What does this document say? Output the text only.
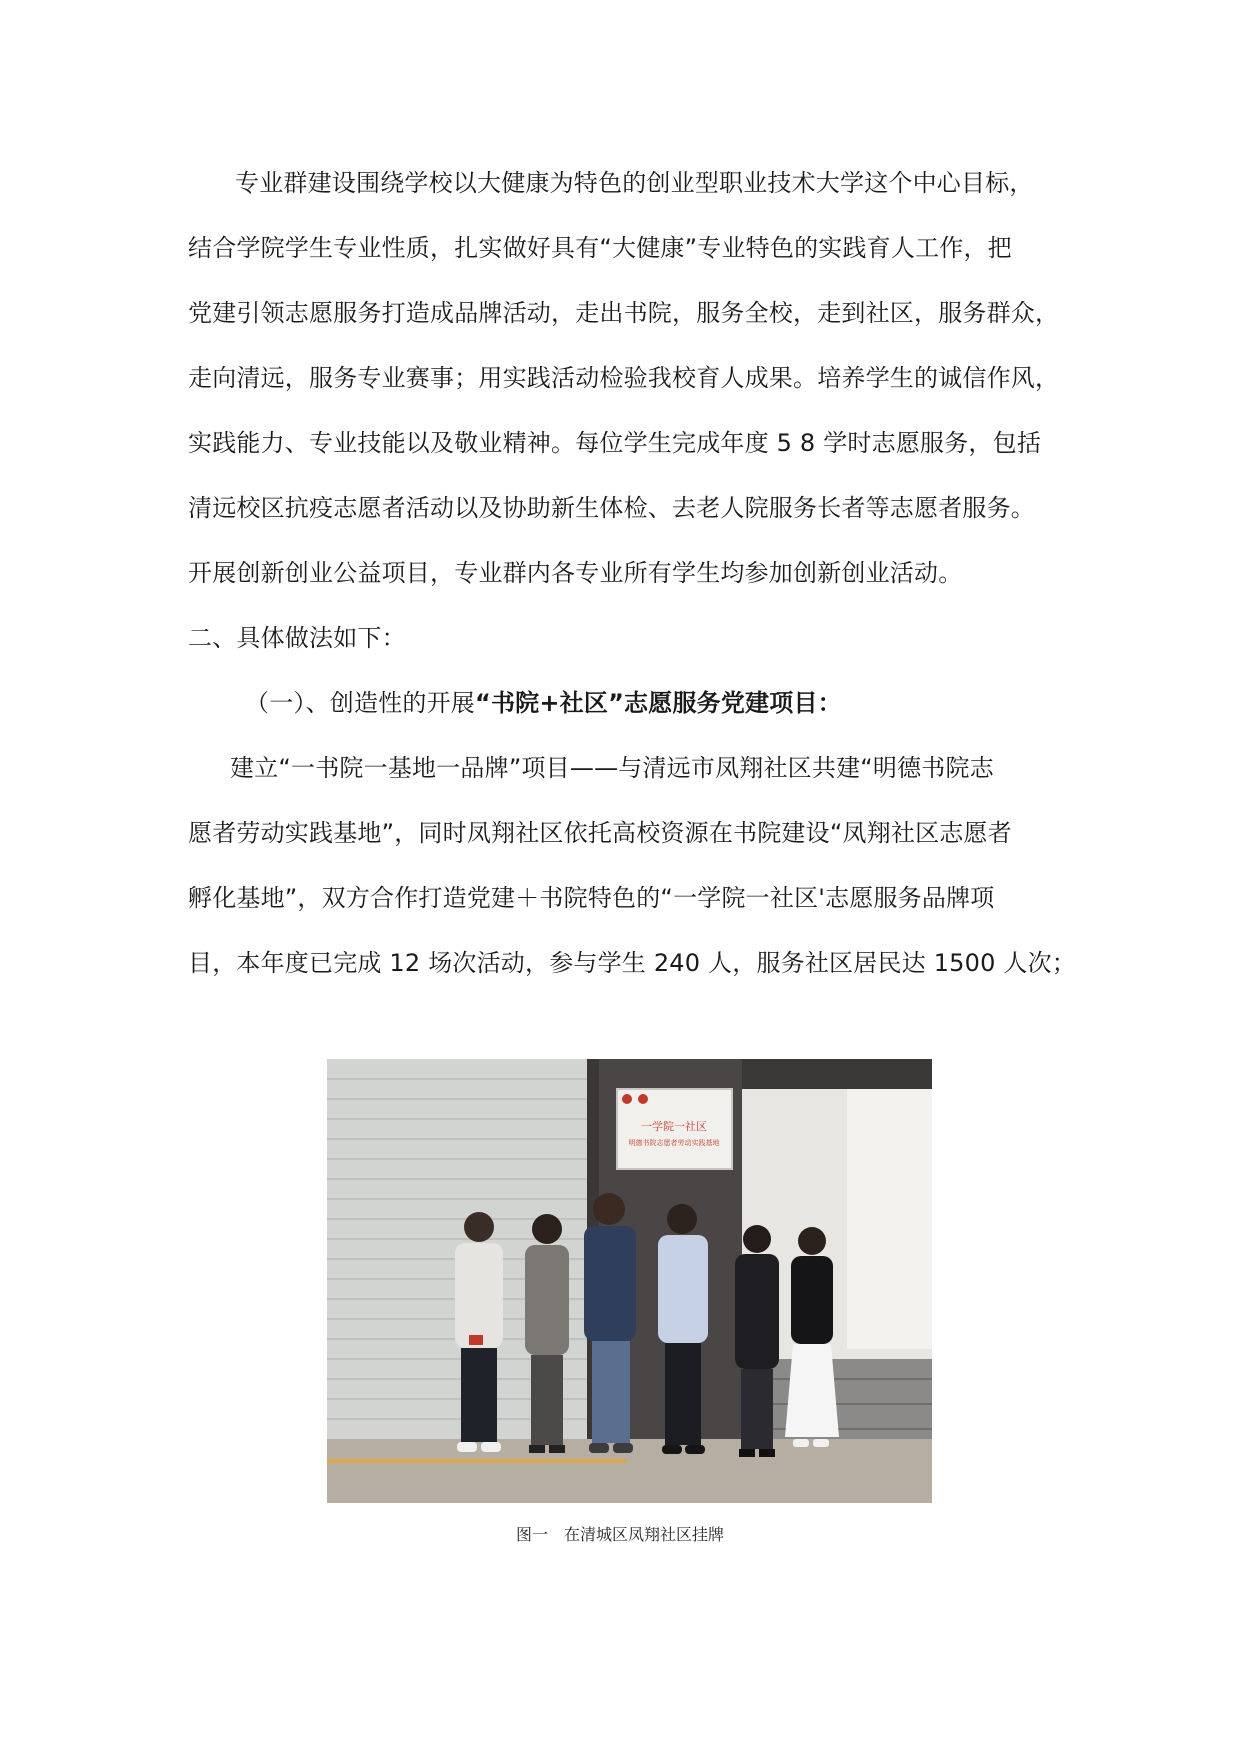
专业群建设围绕学校以大健康为特色的创业型职业技术大学这个中心目标，
结合学院学生专业性质，扎实做好具有“大健康”专业特色的实践育人工作，把
党建引领志愿服务打造成品牌活动，走出书院，服务全校，走到社区，服务群众，
走向清远，服务专业赛事；用实践活动检验我校育人成果。培养学生的诚信作风，
实践能力、专业技能以及敬业精神。每位学生完成年度 5 8 学时志愿服务，包括
清远校区抗疫志愿者活动以及协助新生体检、去老人院服务长者等志愿者服务。
开展创新创业公益项目，专业群内各专业所有学生均参加创新创业活动。
二、具体做法如下：
（一）、创造性的开展“书院+社区”志愿服务党建项目：
建立“一书院一基地一品牌”项目——与清远市凤翔社区共建“明德书院志
愿者劳动实践基地”，同时凤翔社区依托高校资源在书院建设“凤翔社区志愿者
孵化基地”，双方合作打造党建＋书院特色的“一学院一社区'志愿服务品牌项
目，本年度已完成 12 场次活动，参与学生 240 人，服务社区居民达 1500 人次；
一学院一社区
明德书院志愿者劳动实践基地
图一　在清城区凤翔社区挂牌
